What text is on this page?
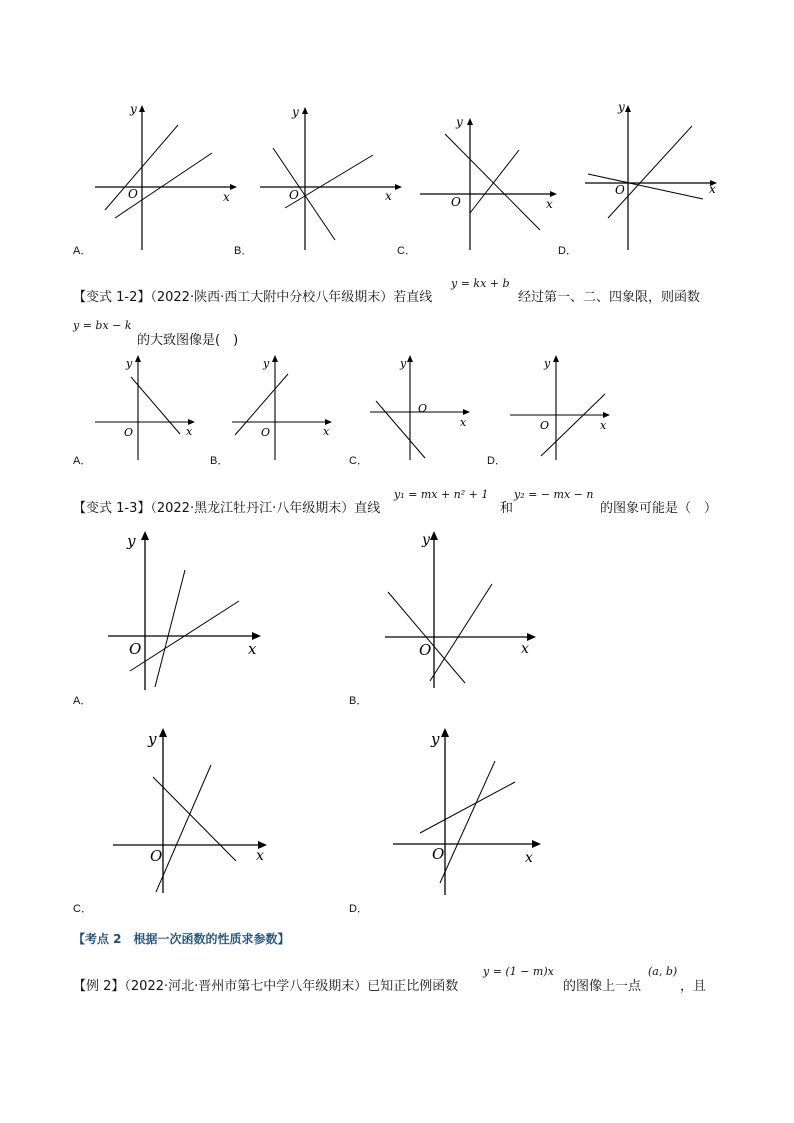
y
O	x
A．
y
O	x
B．
y
O	x
C．
y
O	x
D．
【变式 1-2】（2022·陕西·西工大附中分校八年级期末）若直线
y = kx + b
经过第一、二、四象限，则函数
y = bx − k
的大致图像是(　)
y
O	x
A．
y
O	x
B．
y
O
x
C．
y
O	x
D．
【变式 1-3】（2022·黑龙江牡丹江·八年级期末）直线
y₁ = mx + n² + 1
和
y₂ = − mx − n
的图象可能是（　）
y
O	x
A．
y
O	x
B．
y
O	x
C．
y
O	x
D．
【考点 2　根据一次函数的性质求参数】
【例 2】（2022·河北·晋州市第七中学八年级期末）已知正比例函数
y = (1 − m)x
的图像上一点
(a, b)
，且
